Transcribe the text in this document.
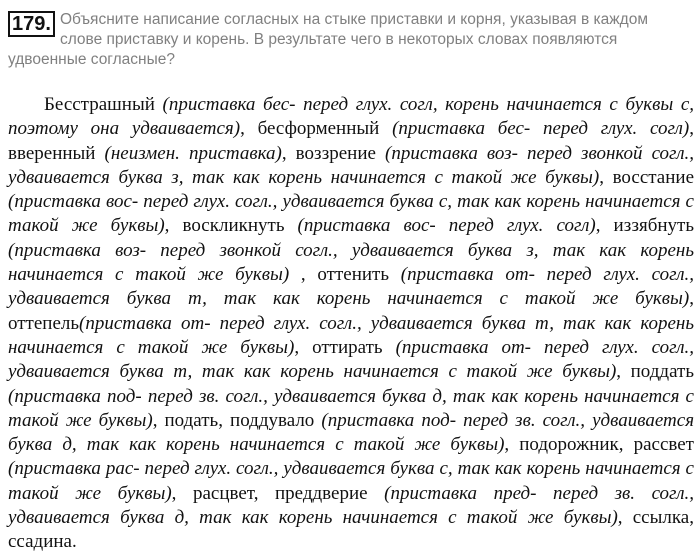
179. Объясните написание согласных на стыке приставки и корня, указывая в каждом слове приставку и корень. В результате чего в некоторых словах появляются удвоенные согласные?
Бесстрашный (приставка бес- перед глух. согл, корень начинается с буквы с, поэтому она удваивается), бесформенный (приставка бес- перед глух. согл), вверенный (неизмен. приставка), воззрение (приставка воз- перед звонкой согл., удваивается буква з, так как корень начинается с такой же буквы), восстание (приставка вос- перед глух. согл., удваивается буква с, так как корень начинается с такой же буквы), воскликнуть (приставка вос- перед глух. согл), иззябнуть (приставка воз- перед звонкой согл., удваивается буква з, так как корень начинается с такой же буквы) , оттенить (приставка от- перед глух. согл., удваивается буква т, так как корень начинается с такой же буквы), оттепель(приставка от- перед глух. согл., удваивается буква т, так как корень начинается с такой же буквы), оттирать (приставка от- перед глух. согл., удваивается буква т, так как корень начинается с такой же буквы), поддать (приставка под- перед зв. согл., удваивается буква д, так как корень начинается с такой же буквы), подать, поддувало (приставка под- перед зв. согл., удваивается буква д, так как корень начинается с такой же буквы), подорожник, рассвет (приставка рас- перед глух. согл., удваивается буква с, так как корень начинается с такой же буквы), расцвет, преддверие (приставка пред- перед зв. согл., удваивается буква д, так как корень начинается с такой же буквы), ссылка, ссадина.
